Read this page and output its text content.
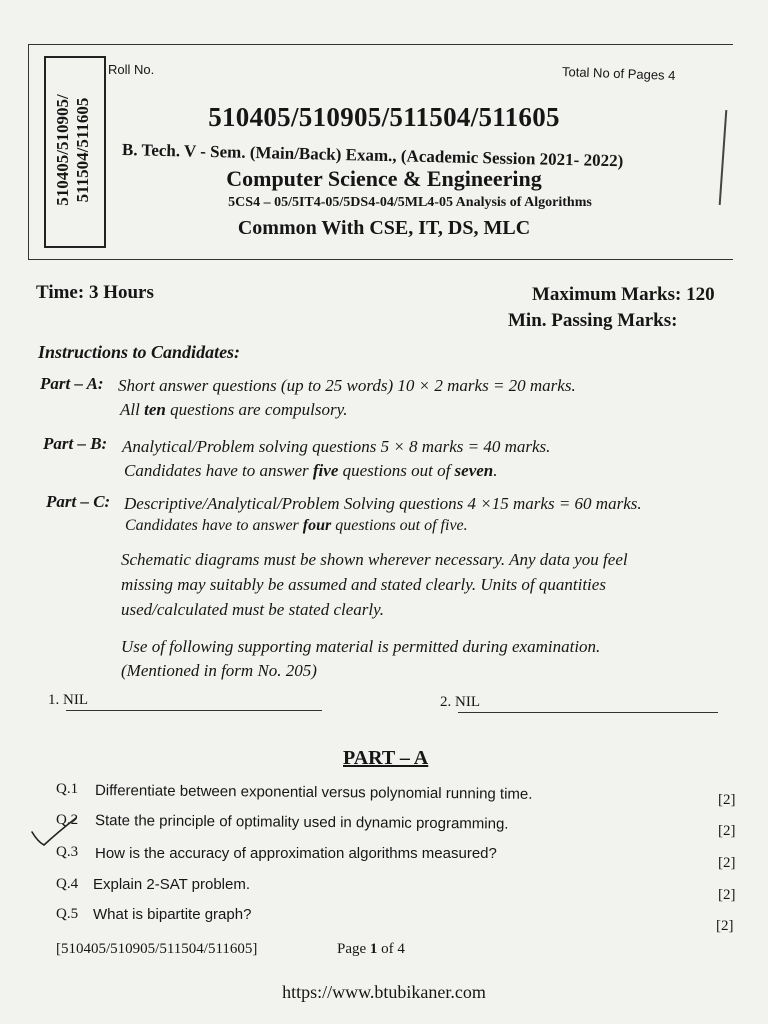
510405/510905/ 511504/511605
Roll No.	Total No of Pages 4
510405/510905/511504/511605
B. Tech. V - Sem. (Main/Back) Exam., (Academic Session 2021- 2022)
Computer Science & Engineering
5CS4 – 05/5IT4-05/5DS4-04/5ML4-05 Analysis of Algorithms
Common With CSE, IT, DS, MLC
Time: 3 Hours	Maximum Marks: 120
Min. Passing Marks:
Instructions to Candidates:
Part – A: Short answer questions (up to 25 words) 10 × 2 marks = 20 marks.
All ten questions are compulsory.
Part – B: Analytical/Problem solving questions 5 × 8 marks = 40 marks.
Candidates have to answer five questions out of seven.
Part – C: Descriptive/Analytical/Problem Solving questions 4 ×15 marks = 60 marks.
Candidates have to answer four questions out of five.
Schematic diagrams must be shown wherever necessary. Any data you feel
missing may suitably be assumed and stated clearly. Units of quantities
used/calculated must be stated clearly.
Use of following supporting material is permitted during examination.
(Mentioned in form No. 205)
1. NIL	2. NIL
PART – A
Q.1 Differentiate between exponential versus polynomial running time.	[2]
Q.2 State the principle of optimality used in dynamic programming.	[2]
Q.3 How is the accuracy of approximation algorithms measured?
[2]
Q.4 Explain 2-SAT problem.
[2]
Q.5 What is bipartite graph?
[2]
[510405/510905/511504/511605]	Page 1 of 4
https://www.btubikaner.com
